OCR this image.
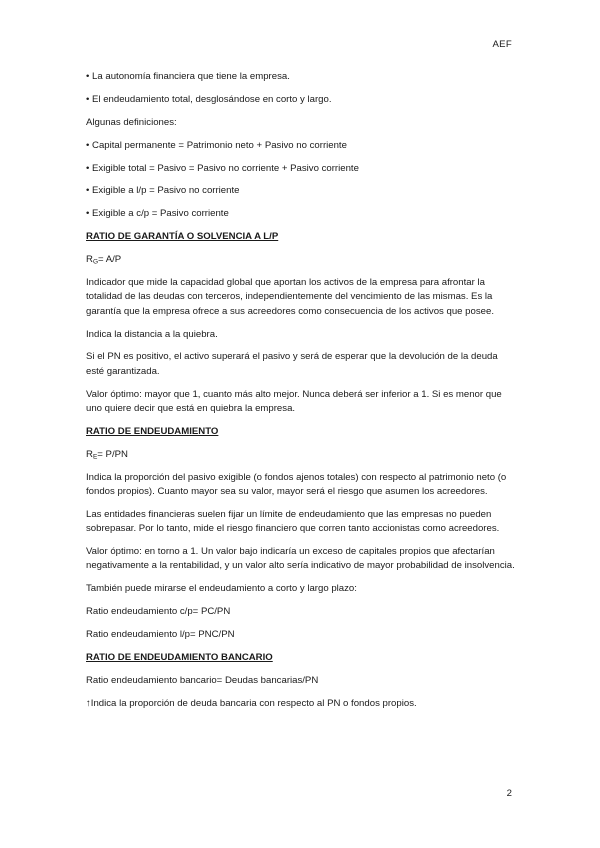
AEF

• La autonomía financiera que tiene la empresa.

• El endeudamiento total, desglosándose en corto y largo.

Algunas definiciones:

• Capital permanente = Patrimonio neto + Pasivo no corriente

• Exigible total = Pasivo = Pasivo no corriente + Pasivo corriente

• Exigible a l/p = Pasivo no corriente

• Exigible a c/p = Pasivo corriente

RATIO DE GARANTÍA O SOLVENCIA A L/P

$R_G= A/P$

Indicador que mide la capacidad global que aportan los activos de la empresa para afrontar la totalidad de las deudas con terceros, independientemente del vencimiento de las mismas. Es la garantía que la empresa ofrece a sus acreedores como consecuencia de los activos que posee.

Indica la distancia a la quiebra.

Si el PN es positivo, el activo superará el pasivo y será de esperar que la devolución de la deuda esté garantizada.

Valor óptimo: mayor que 1, cuanto más alto mejor. Nunca deberá ser inferior a 1. Si es menor que uno quiere decir que está en quiebra la empresa.

RATIO DE ENDEUDAMIENTO

$R_E= P/PN$

Indica la proporción del pasivo exigible (o fondos ajenos totales) con respecto al patrimonio neto (o fondos propios). Cuanto mayor sea su valor, mayor será el riesgo que asumen los acreedores.

Las entidades financieras suelen fijar un límite de endeudamiento que las empresas no pueden sobrepasar. Por lo tanto, mide el riesgo financiero que corren tanto accionistas como acreedores.

Valor óptimo: en torno a 1. Un valor bajo indicaría un exceso de capitales propios que afectarían negativamente a la rentabilidad, y un valor alto sería indicativo de mayor probabilidad de insolvencia.

También puede mirarse el endeudamiento a corto y largo plazo:

Ratio endeudamiento c/p= PC/PN

Ratio endeudamiento l/p= PNC/PN

RATIO DE ENDEUDAMIENTO BANCARIO

Ratio endeudamiento bancario= Deudas bancarias/PN

↑Indica la proporción de deuda bancaria con respecto al PN o fondos propios.

2
